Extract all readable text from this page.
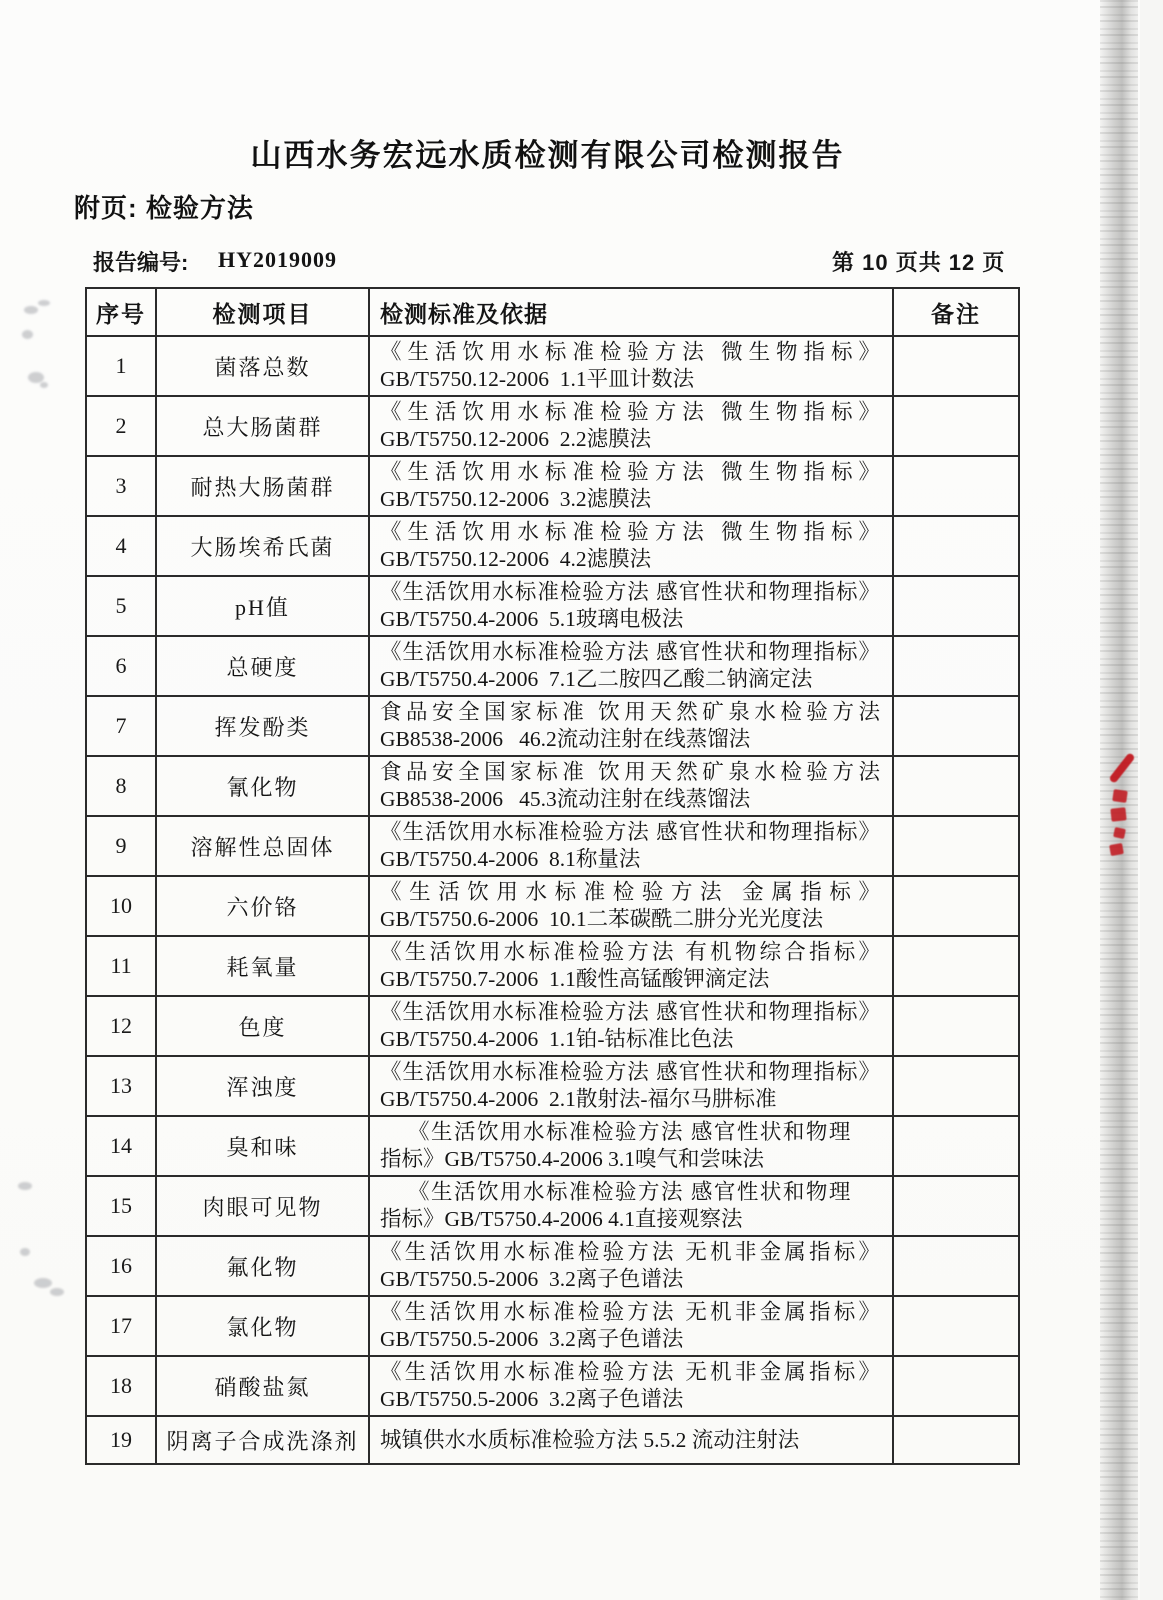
山西水务宏远水质检测有限公司检测报告
附页: 检验方法
报告编号: HY2019009	第 10 页共 12 页
序号	检测项目	检测标准及依据	备注
1	菌落总数	《生活饮用水标准检验方法 微生物指标》
GB/T5750.12-2006  1.1平皿计数法	

2	总大肠菌群	《生活饮用水标准检验方法 微生物指标》
GB/T5750.12-2006  2.2滤膜法	

3	耐热大肠菌群	《生活饮用水标准检验方法 微生物指标》
GB/T5750.12-2006  3.2滤膜法	

4	大肠埃希氏菌	《生活饮用水标准检验方法 微生物指标》
GB/T5750.12-2006  4.2滤膜法	

5	pH值	《生活饮用水标准检验方法 感官性状和物理指标》
GB/T5750.4-2006  5.1玻璃电极法	

6	总硬度	《生活饮用水标准检验方法 感官性状和物理指标》
GB/T5750.4-2006  7.1乙二胺四乙酸二钠滴定法	

7	挥发酚类	食品安全国家标准 饮用天然矿泉水检验方法
GB8538-2006   46.2流动注射在线蒸馏法	

8	氰化物	食品安全国家标准 饮用天然矿泉水检验方法
GB8538-2006   45.3流动注射在线蒸馏法	

9	溶解性总固体	《生活饮用水标准检验方法 感官性状和物理指标》
GB/T5750.4-2006  8.1称量法	

10	六价铬	《生活饮用水标准检验方法 金属指标》
GB/T5750.6-2006  10.1二苯碳酰二肼分光光度法	

11	耗氧量	《生活饮用水标准检验方法 有机物综合指标》
GB/T5750.7-2006  1.1酸性高锰酸钾滴定法	

12	色度	《生活饮用水标准检验方法 感官性状和物理指标》
GB/T5750.4-2006  1.1铂-钴标准比色法	

13	浑浊度	《生活饮用水标准检验方法 感官性状和物理指标》
GB/T5750.4-2006  2.1散射法-福尔马肼标准	

14	臭和味	《生活饮用水标准检验方法 感官性状和物理
指标》GB/T5750.4-2006 3.1嗅气和尝味法	

15	肉眼可见物	《生活饮用水标准检验方法 感官性状和物理
指标》GB/T5750.4-2006 4.1直接观察法	

16	氟化物	《生活饮用水标准检验方法 无机非金属指标》
GB/T5750.5-2006  3.2离子色谱法	

17	氯化物	《生活饮用水标准检验方法 无机非金属指标》
GB/T5750.5-2006  3.2离子色谱法	

18	硝酸盐氮	《生活饮用水标准检验方法 无机非金属指标》
GB/T5750.5-2006  3.2离子色谱法	

19	阴离子合成洗涤剂	城镇供水水质标准检验方法 5.5.2 流动注射法	
